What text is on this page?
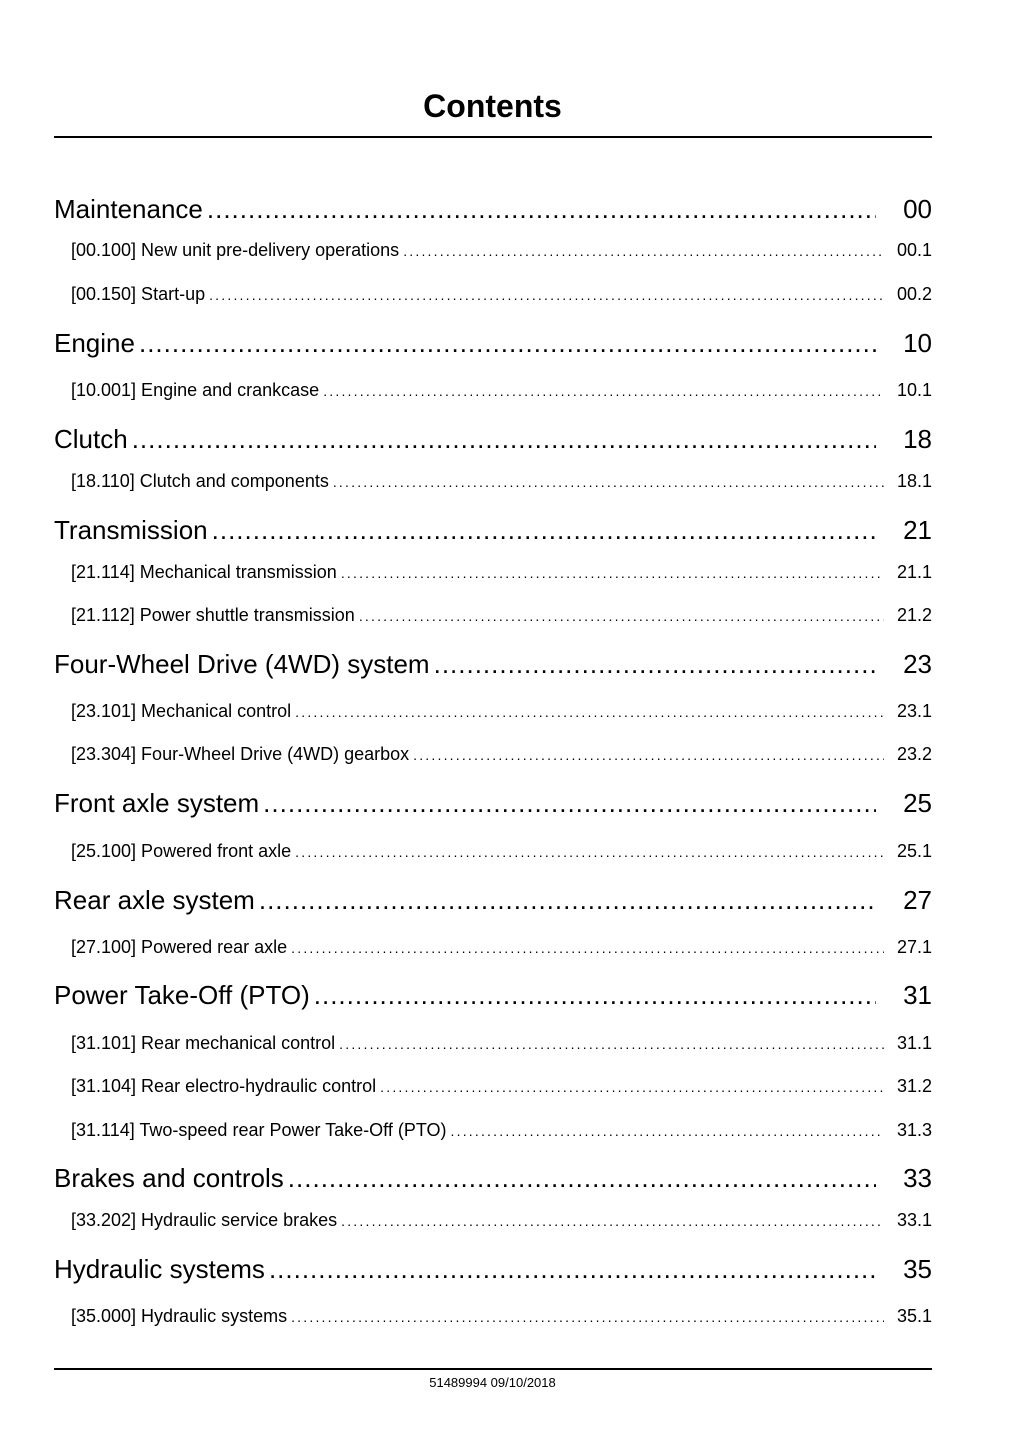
Contents
Maintenance .....	00
[00.100] New unit pre-delivery operations .....	00.1
[00.150] Start-up .....	00.2
Engine .....	10
[10.001] Engine and crankcase .....	10.1
Clutch .....	18
[18.110] Clutch and components .....	18.1
Transmission .....	21
[21.114] Mechanical transmission .....	21.1
[21.112] Power shuttle transmission .....	21.2
Four-Wheel Drive (4WD) system .....	23
[23.101] Mechanical control .....	23.1
[23.304] Four-Wheel Drive (4WD) gearbox .....	23.2
Front axle system .....	25
[25.100] Powered front axle .....	25.1
Rear axle system .....	27
[27.100] Powered rear axle .....	27.1
Power Take-Off (PTO) .....	31
[31.101] Rear mechanical control .....	31.1
[31.104] Rear electro-hydraulic control .....	31.2
[31.114] Two-speed rear Power Take-Off (PTO) .....	31.3
Brakes and controls .....	33
[33.202] Hydraulic service brakes .....	33.1
Hydraulic systems .....	35
[35.000] Hydraulic systems .....	35.1
51489994 09/10/2018
